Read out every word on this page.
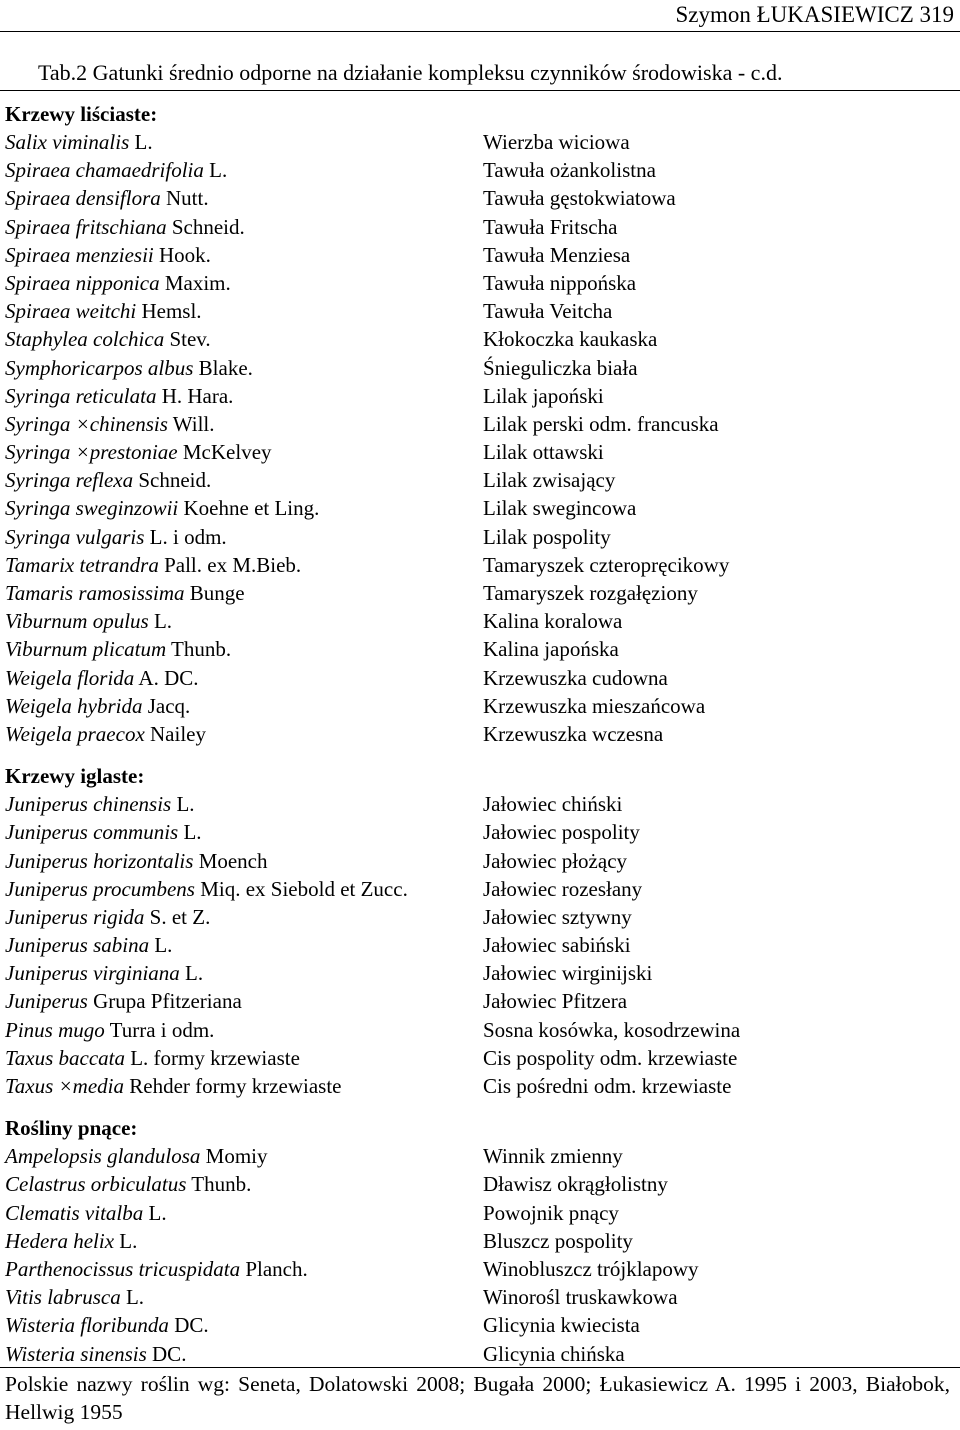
Szymon ŁUKASIEWICZ 319
Tab.2 Gatunki średnio odporne na działanie kompleksu czynników środowiska - c.d.
Krzewy liściaste:
Salix viminalis L.	Wierzba wiciowa
Spiraea chamaedrifolia L.	Tawuła ożankolistna
Spiraea densiflora Nutt.	Tawuła gęstokwiatowa
Spiraea fritschiana Schneid.	Tawuła Fritscha
Spiraea menziesii Hook.	Tawuła Menziesa
Spiraea nipponica Maxim.	Tawuła nippońska
Spiraea weitchi Hemsl.	Tawuła Veitcha
Staphylea colchica Stev.	Kłokoczka kaukaska
Symphoricarpos albus Blake.	Śnieguliczka biała
Syringa reticulata H. Hara.	Lilak japoński
Syringa ×chinensis Will.	Lilak perski odm. francuska
Syringa ×prestoniae McKelvey	Lilak ottawski
Syringa reflexa Schneid.	Lilak zwisający
Syringa sweginzowii Koehne et Ling.	Lilak swegincowa
Syringa vulgaris L. i odm.	Lilak pospolity
Tamarix tetrandra Pall. ex M.Bieb.	Tamaryszek czteropręcikowy
Tamaris ramosissima Bunge	Tamaryszek rozgałęziony
Viburnum opulus L.	Kalina koralowa
Viburnum plicatum Thunb.	Kalina japońska
Weigela florida A. DC.	Krzewuszka cudowna
Weigela hybrida Jacq.	Krzewuszka mieszańcowa
Weigela praecox Nailey	Krzewuszka wczesna
Krzewy iglaste:
Juniperus chinensis L.	Jałowiec chiński
Juniperus communis L.	Jałowiec pospolity
Juniperus horizontalis Moench	Jałowiec płożący
Juniperus procumbens Miq. ex Siebold et Zucc.	Jałowiec rozesłany
Juniperus rigida S. et Z.	Jałowiec sztywny
Juniperus sabina L.	Jałowiec sabiński
Juniperus virginiana L.	Jałowiec wirginijski
Juniperus Grupa Pfitzeriana	Jałowiec Pfitzera
Pinus mugo Turra i odm.	Sosna kosówka, kosodrzewina
Taxus baccata L. formy krzewiaste	Cis pospolity odm. krzewiaste
Taxus ×media Rehder formy krzewiaste	Cis pośredni odm. krzewiaste
Rośliny pnące:
Ampelopsis glandulosa Momiy	Winnik zmienny
Celastrus orbiculatus Thunb.	Dławisz okrągłolistny
Clematis vitalba L.	Powojnik pnący
Hedera helix L.	Bluszcz pospolity
Parthenocissus tricuspidata Planch.	Winobluszcz trójklapowy
Vitis labrusca L.	Winorośl truskawkowa
Wisteria floribunda DC.	Glicynia kwiecista
Wisteria sinensis DC.	Glicynia chińska
Polskie nazwy roślin wg: Seneta, Dolatowski 2008; Bugała 2000; Łukasiewicz A. 1995 i 2003, Białobok, Hellwig 1955
